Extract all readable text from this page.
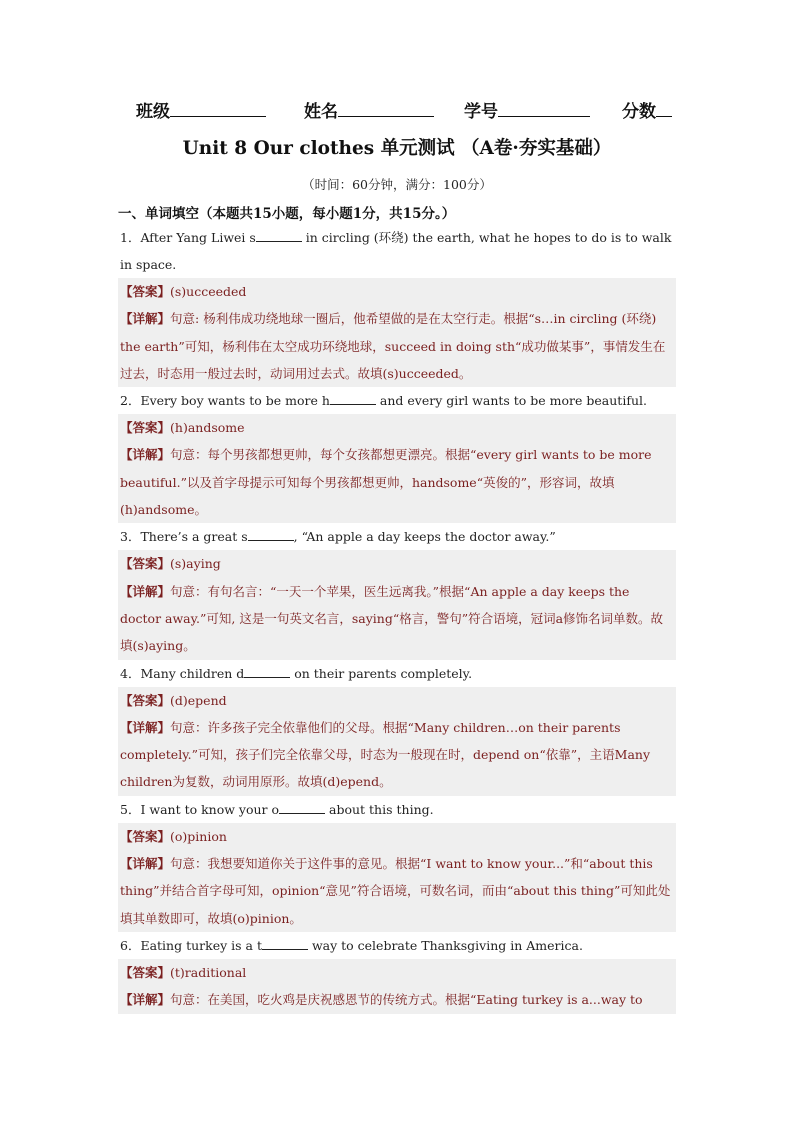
班级	姓名	学号	分数
Unit 8 Our clothes 单元测试 （A卷·夯实基础）
（时间：60分钟，满分：100分）
一、单词填空（本题共15小题，每小题1分，共15分。）
1．After Yang Liwei s	in circling (环绕) the earth, what he hopes to do is to walk in space.
【答案】(s)ucceeded
【详解】句意: 杨利伟成功绕地球一圈后，他希望做的是在太空行走。根据“s…in circling (环绕) the earth”可知，杨利伟在太空成功环绕地球，succeed in doing sth“成功做某事”，事情发生在过去，时态用一般过去时，动词用过去式。故填(s)ucceeded。
2．Every boy wants to be more h	and every girl wants to be more beautiful.
【答案】(h)andsome
【详解】句意：每个男孩都想更帅，每个女孩都想更漂亮。根据“every girl wants to be more beautiful.”以及首字母提示可知每个男孩都想更帅，handsome“英俊的”，形容词，故填(h)andsome。
3．There’s a great s	, “An apple a day keeps the doctor away.”
【答案】(s)aying
【详解】句意：有句名言：“一天一个苹果，医生远离我。”根据“An apple a day keeps the doctor away.”可知, 这是一句英文名言，saying“格言，警句”符合语境，冠词a修饰名词单数。故填(s)aying。
4．Many children d	on their parents completely.
【答案】(d)epend
【详解】句意：许多孩子完全依靠他们的父母。根据“Many children…on their parents completely.”可知，孩子们完全依靠父母，时态为一般现在时，depend on“依靠”，主语Many children为复数，动词用原形。故填(d)epend。
5．I want to know your o	about this thing.
【答案】(o)pinion
【详解】句意：我想要知道你关于这件事的意见。根据“I want to know your...”和“about this thing”并结合首字母可知，opinion“意见”符合语境，可数名词，而由“about this thing”可知此处填其单数即可，故填(o)pinion。
6．Eating turkey is a t	way to celebrate Thanksgiving in America.
【答案】(t)raditional
【详解】句意：在美国，吃火鸡是庆祝感恩节的传统方式。根据“Eating turkey is a...way to
